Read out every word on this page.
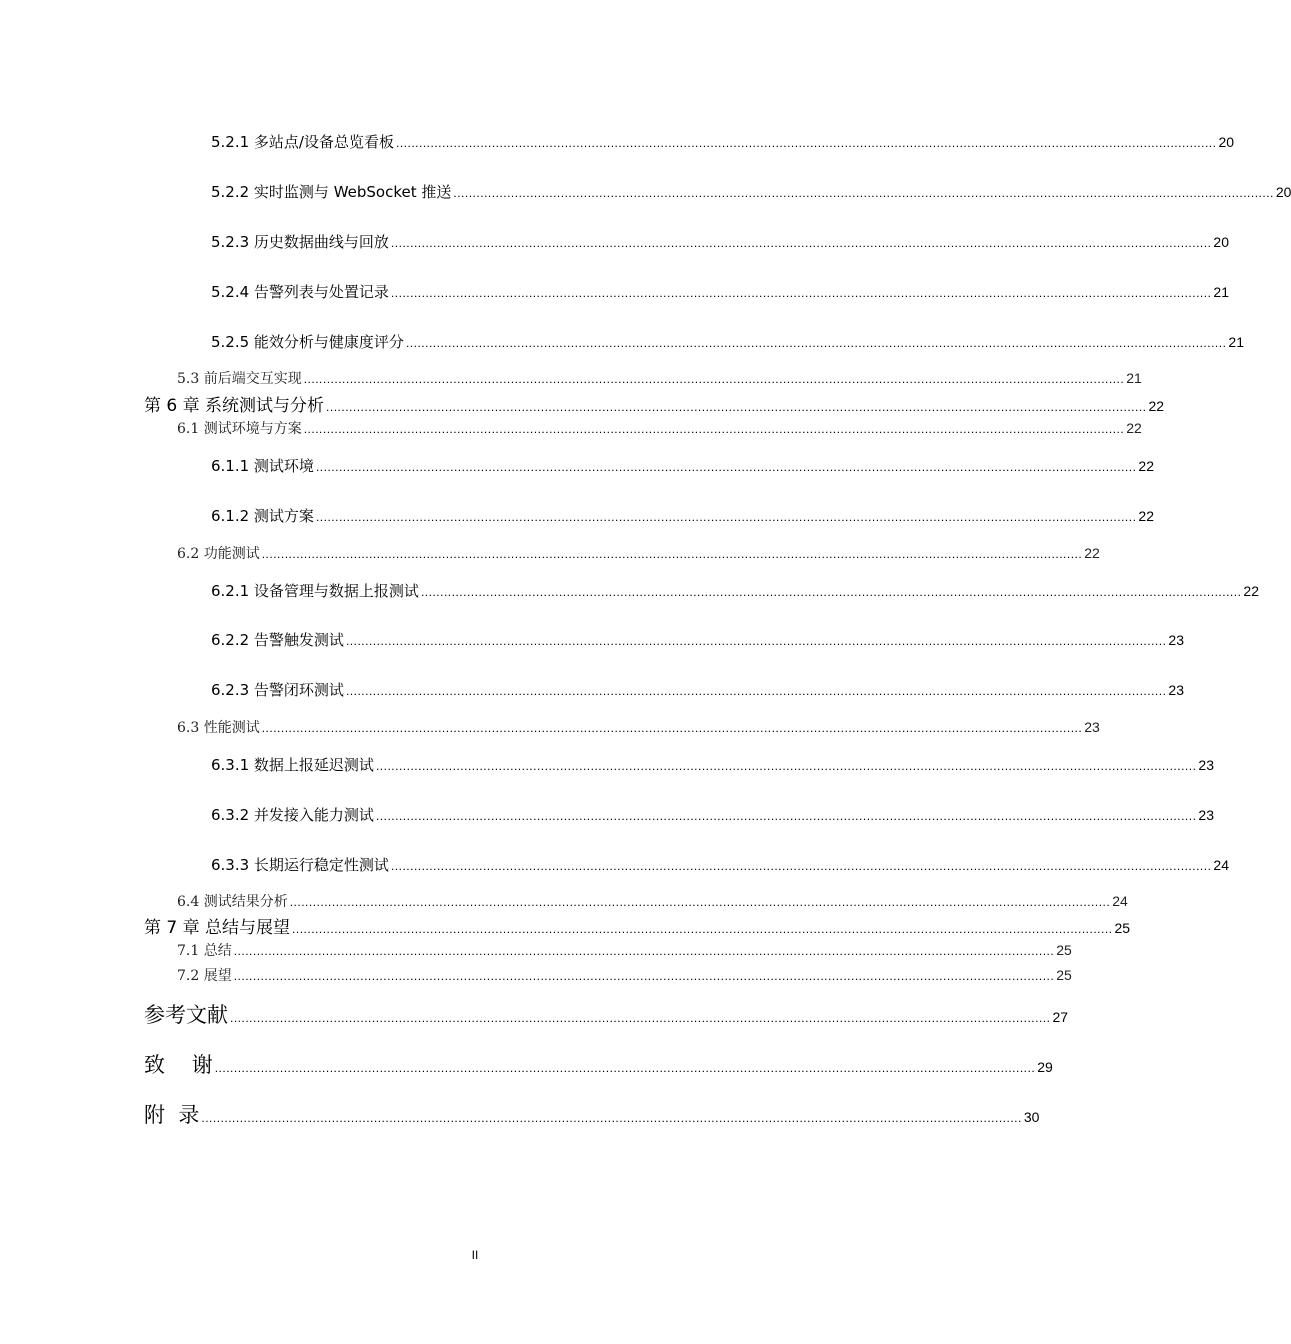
5.2.1 多站点/设备总览看板 ...................................................................................................................................................................................................................... 20
5.2.2 实时监测与 WebSocket 推送 ...................................................................................................................................................................................................................... 20
5.2.3 历史数据曲线与回放 ...................................................................................................................................................................................................................... 20
5.2.4 告警列表与处置记录 ...................................................................................................................................................................................................................... 21
5.2.5 能效分析与健康度评分 ...................................................................................................................................................................................................................... 21
5.3 前后端交互实现 ...................................................................................................................................................................................................................... 21
第 6 章 系统测试与分析 ...................................................................................................................................................................................................................... 22
6.1 测试环境与方案 ...................................................................................................................................................................................................................... 22
6.1.1 测试环境 ...................................................................................................................................................................................................................... 22
6.1.2 测试方案 ...................................................................................................................................................................................................................... 22
6.2 功能测试 ...................................................................................................................................................................................................................... 22
6.2.1 设备管理与数据上报测试 ...................................................................................................................................................................................................................... 22
6.2.2 告警触发测试 ...................................................................................................................................................................................................................... 23
6.2.3 告警闭环测试 ...................................................................................................................................................................................................................... 23
6.3 性能测试 ...................................................................................................................................................................................................................... 23
6.3.1 数据上报延迟测试 ...................................................................................................................................................................................................................... 23
6.3.2 并发接入能力测试 ...................................................................................................................................................................................................................... 23
6.3.3 长期运行稳定性测试 ...................................................................................................................................................................................................................... 24
6.4 测试结果分析 ...................................................................................................................................................................................................................... 24
第 7 章 总结与展望 ...................................................................................................................................................................................................................... 25
7.1 总结 ...................................................................................................................................................................................................................... 25
7.2 展望 ...................................................................................................................................................................................................................... 25
参考文献 ...................................................................................................................................................................................................................... 27
致    谢 ...................................................................................................................................................................................................................... 29
附  录 ...................................................................................................................................................................................................................... 30
II
